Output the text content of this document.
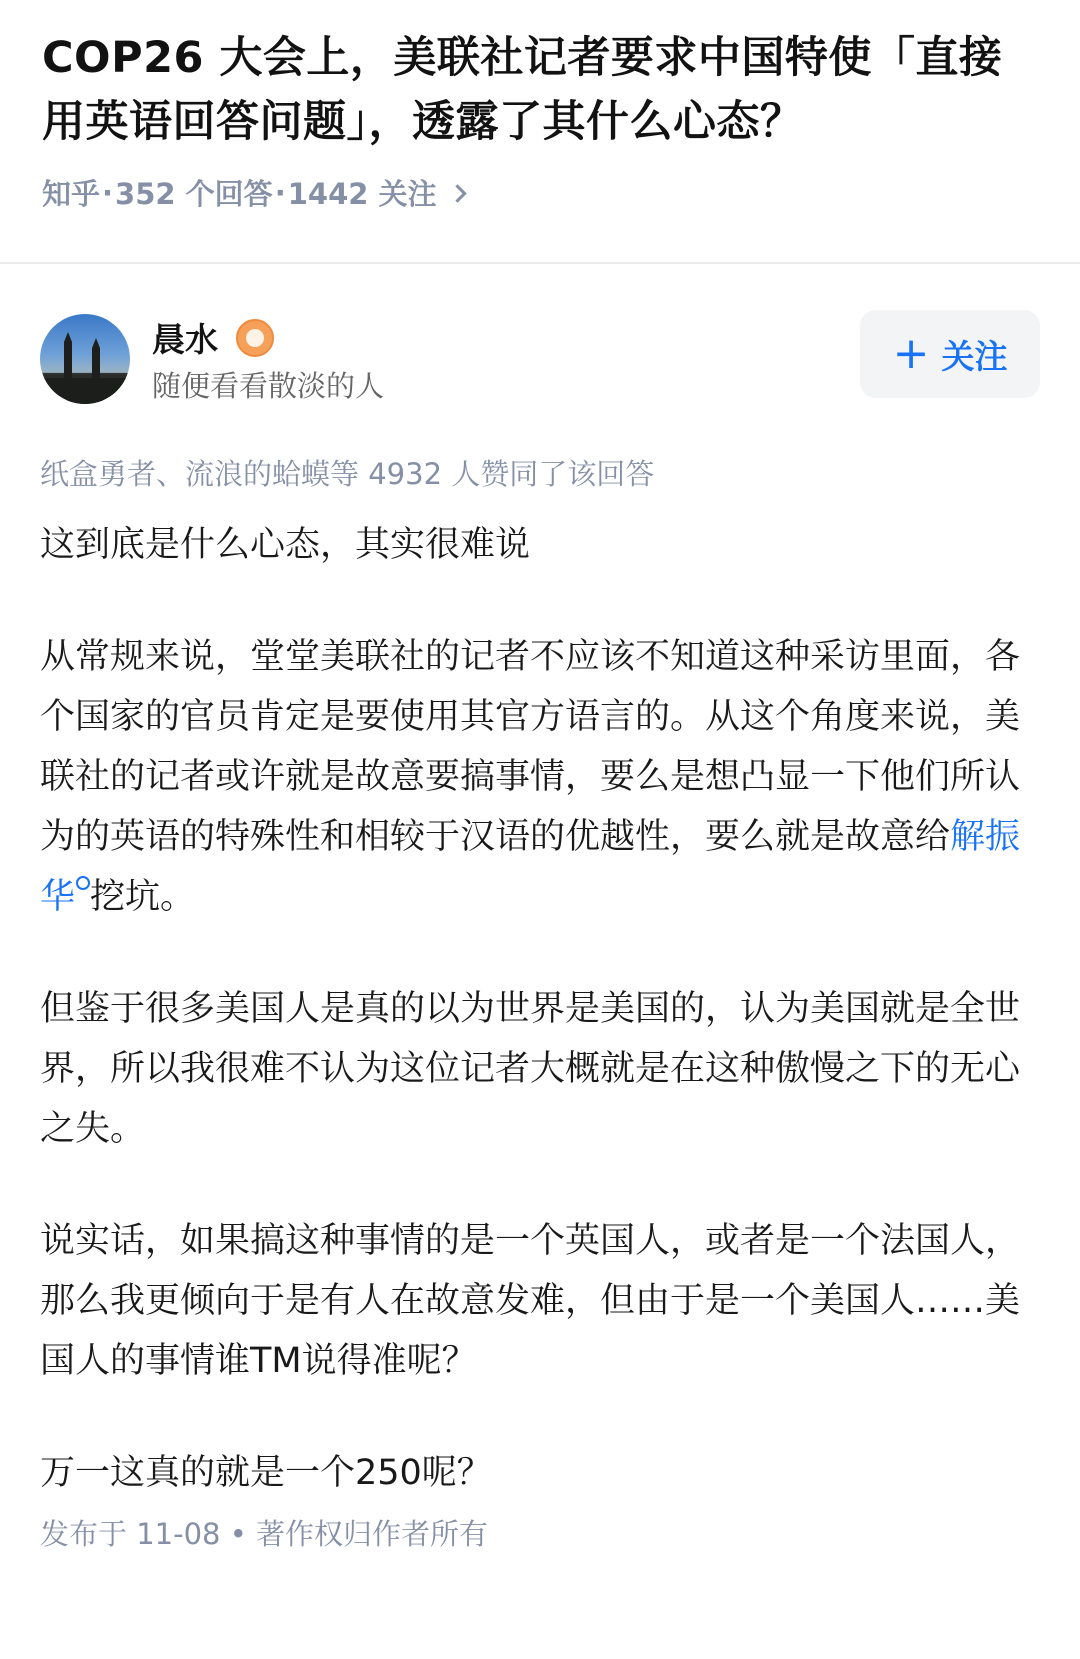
COP26 大会上，美联社记者要求中国特使「直接用英语回答问题」，透露了其什么心态？
知乎 · 352 个回答 · 1442 关注
晨水
随便看看散淡的人
+ 关注
纸盒勇者、流浪的蛤蟆等 4932 人赞同了该回答

这到底是什么心态，其实很难说

从常规来说，堂堂美联社的记者不应该不知道这种采访里面，各个国家的官员肯定是要使用其官方语言的。从这个角度来说，美联社的记者或许就是故意要搞事情，要么是想凸显一下他们所认为的英语的特殊性和相较于汉语的优越性，要么就是故意给解振华 挖坑。

但鉴于很多美国人是真的以为世界是美国的，认为美国就是全世界，所以我很难不认为这位记者大概就是在这种傲慢之下的无心之失。

说实话，如果搞这种事情的是一个英国人，或者是一个法国人，那么我更倾向于是有人在故意发难，但由于是一个美国人……美国人的事情谁TM说得准呢？

万一这真的就是一个250呢？

发布于 11-08 • 著作权归作者所有
